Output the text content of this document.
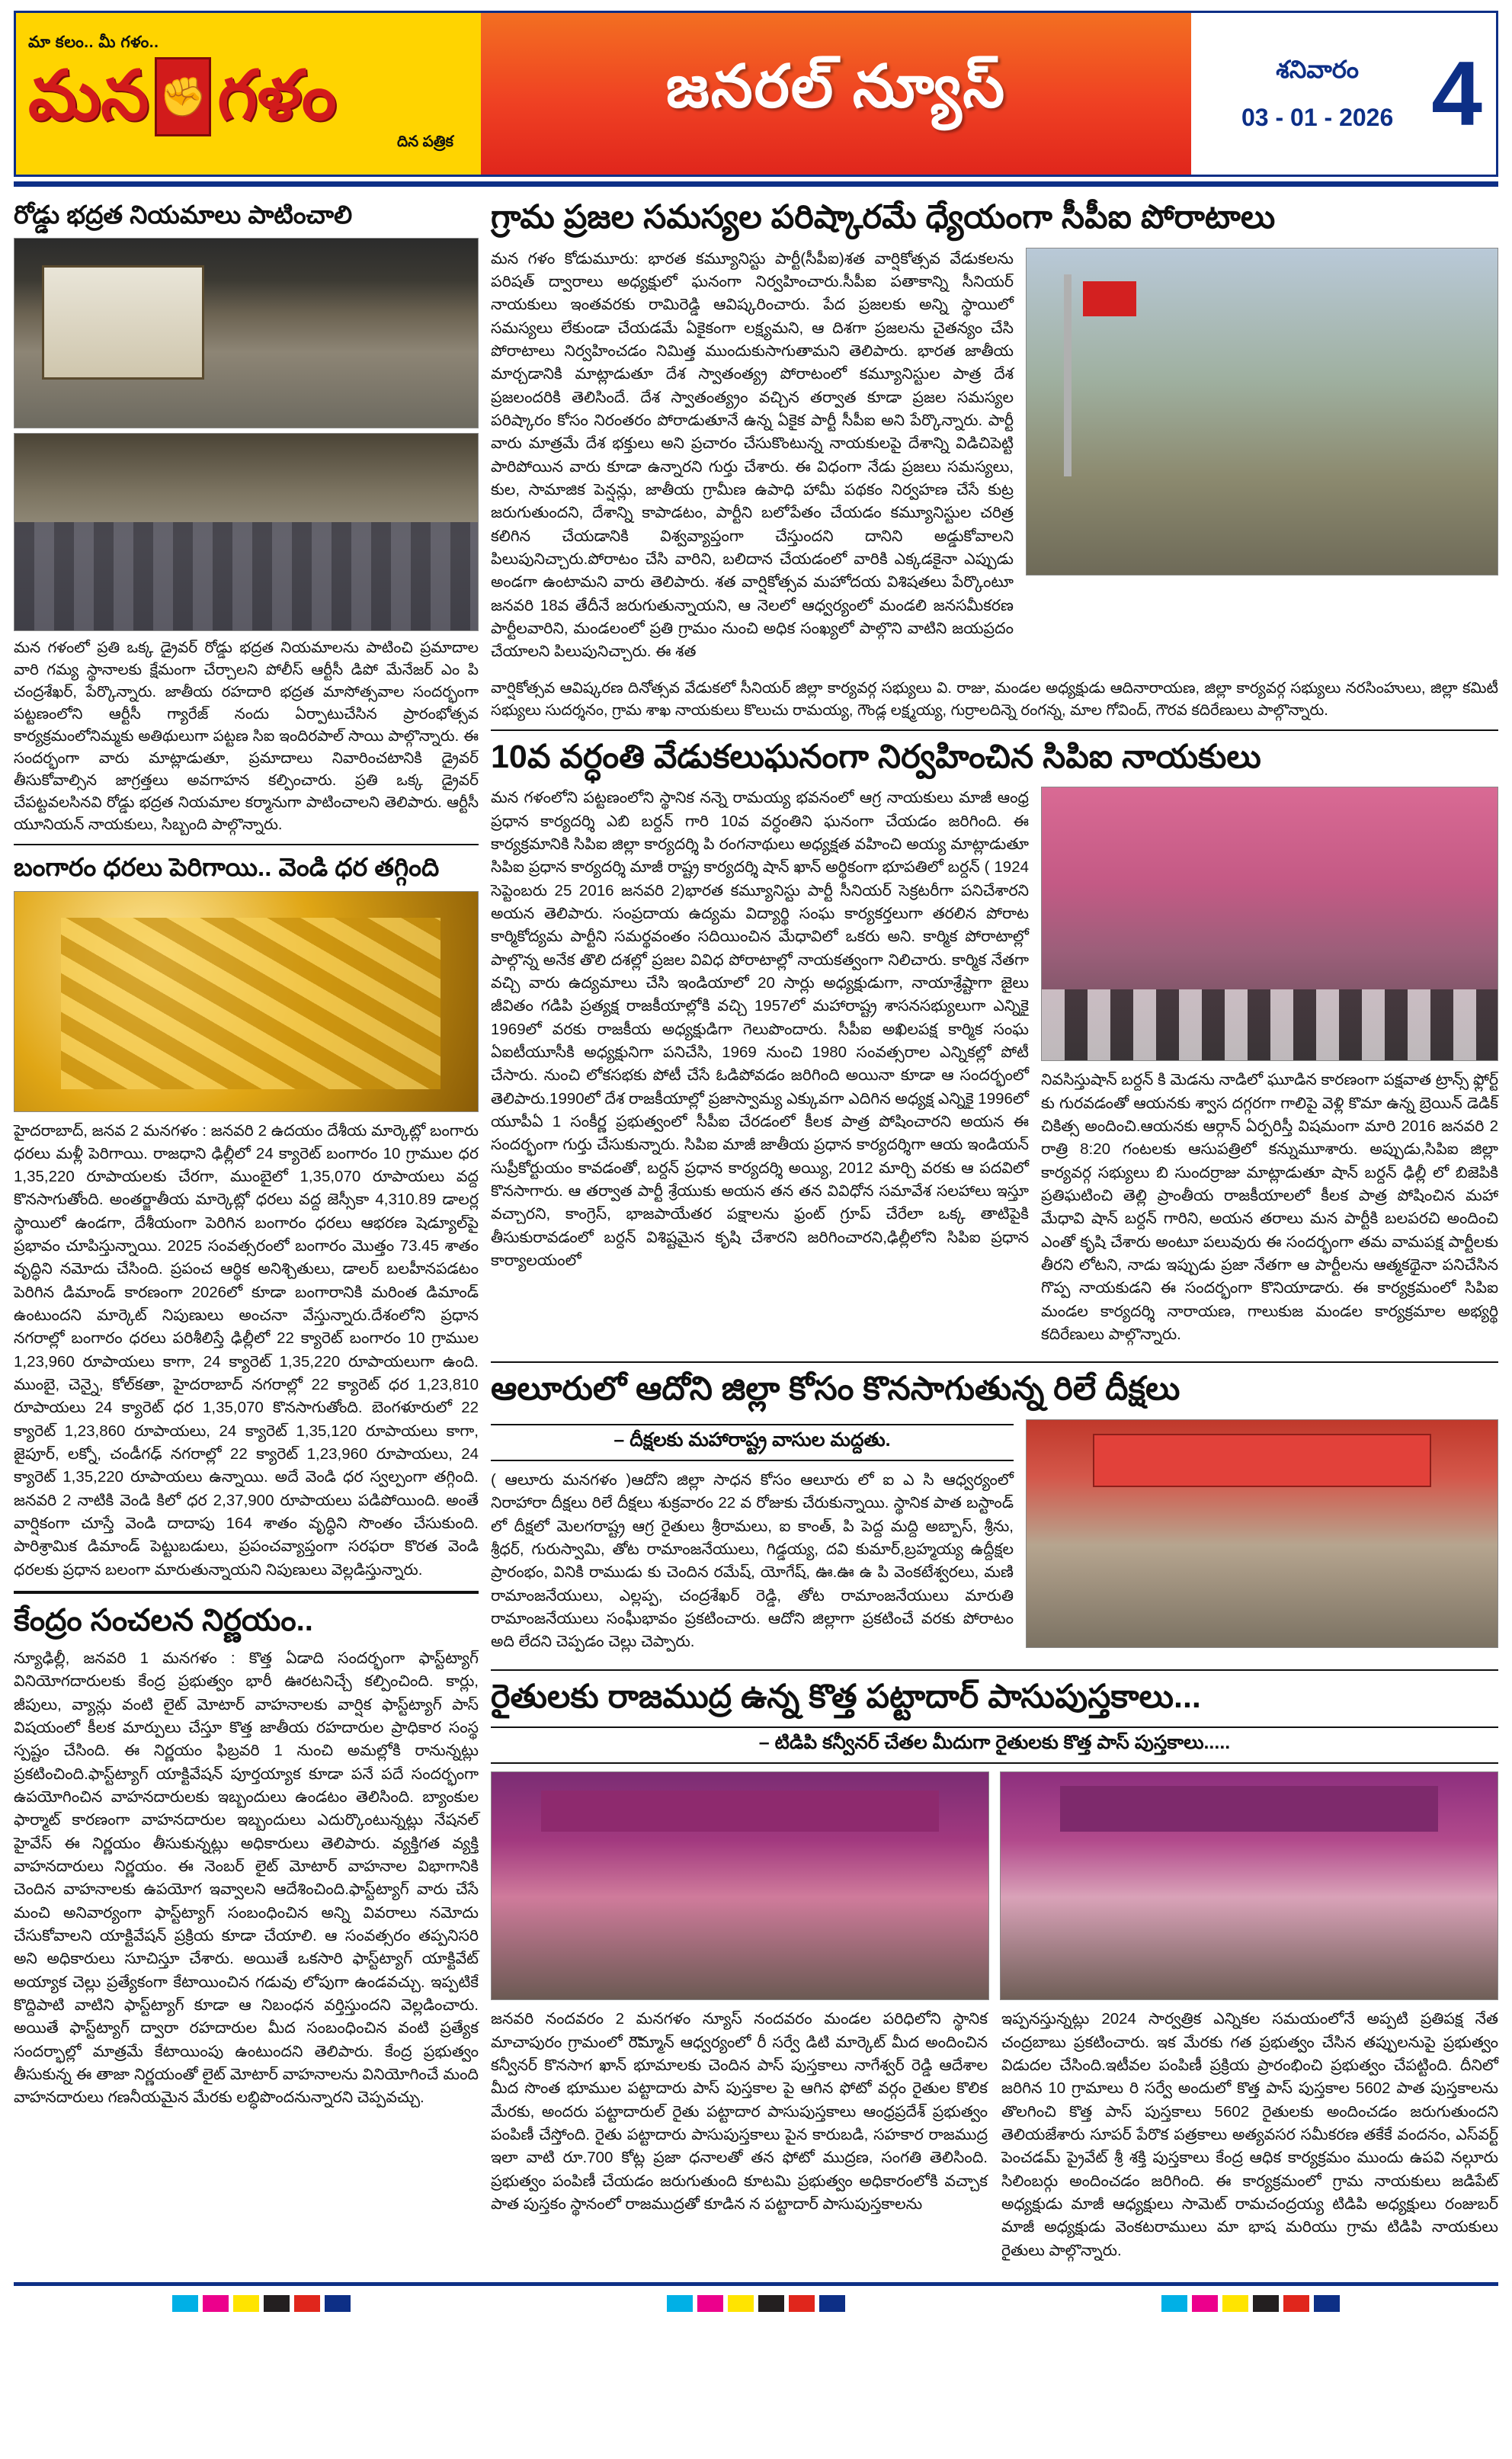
మా కలం.. మీ గళం..
మన ✊ గళం
దిన పత్రిక
జనరల్ న్యూస్	శనివారం
03 - 01 - 2026 4
రోడ్డు భద్రత నియమాలు పాటించాలి

మన గళంలో ప్రతి ఒక్క డ్రైవర్ రోడ్డు భద్రత నియమాలను పాటించి ప్రమాదాల వారి గమ్య స్థానాలకు క్షేమంగా చేర్చాలని పోలీస్ ఆర్టీసీ డిపో మేనేజర్ ఎం పి చంద్రశేఖర్, పేర్కొన్నారు. జాతీయ రహదారి భద్రత మాసోత్సవాల సందర్భంగా పట్టణంలోని ఆర్టీసీ గ్యారేజ్ నందు ఏర్పాటుచేసిన ప్రారంభోత్సవ కార్యక్రమంలోనిమ్మకు అతిథులుగా పట్టణ సిఐ ఇందిరపాల్ సాయి పాల్గొన్నారు. ఈ సందర్భంగా వారు మాట్లాడుతూ, ప్రమాదాలు నివారించటానికి డ్రైవర్ తీసుకోవాల్సిన జాగ్రత్తలు అవగాహన కల్పించారు. ప్రతి ఒక్క డ్రైవర్ చేపట్టవలసినవి రోడ్డు భద్రత నియమాల కర్మానుగా పాటించాలని తెలిపారు. ఆర్టీసీ యూనియన్ నాయకులు, సిబ్బంది పాల్గొన్నారు.

బంగారం ధరలు పెరిగాయి.. వెండి ధర తగ్గింది

హైదరాబాద్, జనవ 2 మనగళం : జనవరి 2 ఉదయం దేశీయ మార్కెట్లో బంగారు ధరలు మళ్లీ పెరిగాయి. రాజధాని ఢిల్లీలో 24 క్యారెట్ బంగారం 10 గ్రాముల ధర 1,35,220 రూపాయలకు చేరగా, ముంబైలో 1,35,070 రూపాయలు వద్ద కొనసాగుతోంది. అంతర్జాతీయ మార్కెట్లో ధరలు వద్ద జెస్సీకా 4,310.89 డాలర్ల స్థాయిలో ఉండగా, దేశీయంగా పెరిగిన బంగారం ధరలు ఆభరణ షెడ్యూల్‌పై ప్రభావం చూపిస్తున్నాయి. 2025 సంవత్సరంలో బంగారం మొత్తం 73.45 శాతం వృద్ధిని నమోదు చేసింది. ప్రపంచ ఆర్థిక అనిశ్చితులు, డాలర్ బలహీనపడటం పెరిగిన డిమాండ్ కారణంగా 2026లో కూడా బంగారానికి మరింత డిమాండ్ ఉంటుందని మార్కెట్ నిపుణులు అంచనా వేస్తున్నారు.దేశంలోని ప్రధాన నగరాల్లో బంగారం ధరలు పరిశీలిస్తే ఢిల్లీలో 22 క్యారెట్ బంగారం 10 గ్రాముల 1,23,960 రూపాయలు కాగా, 24 క్యారెట్ 1,35,220 రూపాయలుగా ఉంది. ముంబై, చెన్నై, కోల్‌కతా, హైదరాబాద్ నగరాల్లో 22 క్యారెట్ ధర 1,23,810 రూపాయలు 24 క్యారెట్ ధర 1,35,070 కొనసాగుతోంది. బెంగళూరులో 22 క్యారెట్ 1,23,860 రూపాయలు, 24 క్యారెట్ 1,35,120 రూపాయలు కాగా, జైపూర్, లక్నో, చండీగఢ్ నగరాల్లో 22 క్యారెట్ 1,23,960 రూపాయలు, 24 క్యారెట్ 1,35,220 రూపాయలు ఉన్నాయి. అదే వెండి ధర స్వల్పంగా తగ్గింది. జనవరి 2 నాటికి వెండి కిలో ధర 2,37,900 రూపాయలు పడిపోయింది. అంతే వార్షికంగా చూస్తే వెండి దాదాపు 164 శాతం వృద్ధిని సొంతం చేసుకుంది. పారిశ్రామిక డిమాండ్ పెట్టుబడులు, ప్రపంచవ్యాప్తంగా సరఫరా కొరత వెండి ధరలకు ప్రధాన బలంగా మారుతున్నాయని నిపుణులు వెల్లడిస్తున్నారు.

కేంద్రం సంచలన నిర్ణయం..

న్యూఢిల్లీ, జనవరి 1 మనగళం : కొత్త ఏడాది సందర్భంగా ఫాస్ట్‌ట్యాగ్ వినియోగదారులకు కేంద్ర ప్రభుత్వం భారీ ఊరటనిచ్చే కల్పించింది. కార్లు, జీపులు, వ్యాన్లు వంటి లైట్ మోటార్ వాహనాలకు వార్షిక ఫాస్ట్‌ట్యాగ్ పాస్ విషయంలో కీలక మార్పులు చేస్తూ కొత్త జాతీయ రహదారుల ప్రాధికార సంస్థ స్పష్టం చేసింది. ఈ నిర్ణయం ఫిబ్రవరి 1 నుంచి అమల్లోకి రానున్నట్లు ప్రకటించింది.ఫాస్ట్‌ట్యాగ్ యాక్టివేషన్ పూర్తయ్యాక కూడా పనే పదే సందర్భంగా ఉపయోగించిన వాహనదారులకు ఇబ్బందులు ఉండటం తెలిసింది. బ్యాంకుల ఫార్మాట్ కారణంగా వాహనదారుల ఇబ్బందులు ఎదుర్కొంటున్నట్లు నేషనల్ హైవేస్ ఈ నిర్ణయం తీసుకున్నట్లు అధికారులు తెలిపారు. వ్యక్తిగత వ్యక్తి వాహనదారులు నిర్ణయం. ఈ నెంబర్ లైట్ మోటార్ వాహనాల విభాగానికి చెందిన వాహనాలకు ఉపయోగ ఇవ్వాలని ఆదేశించింది.ఫాస్ట్‌ట్యాగ్ వారు చేసే మంచి అనివార్యంగా ఫాస్ట్‌ట్యాగ్ సంబంధించిన అన్ని వివరాలు నమోదు చేసుకోవాలని యాక్టివేషన్ ప్రక్రియ కూడా చేయాలి. ఆ సంవత్సరం తప్పనిసరి అని అధికారులు సూచిస్తూ చేశారు. అయితే ఒకసారి ఫాస్ట్‌ట్యాగ్ యాక్టివేట్ అయ్యాక చెల్లు ప్రత్యేకంగా కేటాయించిన గడువు లోపుగా ఉండవచ్చు. ఇప్పటికే కొద్దిపాటి వాటిని ఫాస్ట్‌ట్యాగ్ కూడా ఆ నిబంధన వర్తిస్తుందని వెల్లడించారు. అయితే ఫాస్ట్‌ట్యాగ్ ద్వారా రహదారుల మీద సంబంధించిన వంటి ప్రత్యేక సందర్భాల్లో మాత్రమే కేటాయింపు ఉంటుందని తెలిపారు. కేంద్ర ప్రభుత్వం తీసుకున్న ఈ తాజా నిర్ణయంతో లైట్ మోటార్ వాహనాలను వినియోగించే మంది వాహనదారులు గణనీయమైన మేరకు లబ్ధిపొందనున్నారని చెప్పవచ్చు.

గ్రామ ప్రజల సమస్యల పరిష్కారమే ధ్యేయంగా సీపీఐ పోరాటాలు

మన గళం కోడుమూరు: భారత కమ్యూనిస్టు పార్టీ(సీపీఐ)శత వార్షికోత్సవ వేడుకలను పరిషత్ ద్వారాలు అధ్యక్షులో ఘనంగా నిర్వహించారు.సీపీఐ పతాకాన్ని సీనియర్ నాయకులు ఇంతవరకు రామిరెడ్డి ఆవిష్కరించారు. పేద ప్రజలకు అన్ని స్థాయిలో సమస్యలు లేకుండా చేయడమే ఏకైకంగా లక్ష్యమని, ఆ దిశగా ప్రజలను చైతన్యం చేసి పోరాటాలు నిర్వహించడం నిమిత్త ముందుకుసాగుతామని తెలిపారు. భారత జాతీయ మార్చడానికి మాట్లాడుతూ దేశ స్వాతంత్య్ర పోరాటంలో కమ్యూనిస్టుల పాత్ర దేశ ప్రజలందరికి తెలిసిందే. దేశ స్వాతంత్య్రం వచ్చిన తర్వాత కూడా ప్రజల సమస్యల పరిష్కారం కోసం నిరంతరం పోరాడుతూనే ఉన్న ఏకైక పార్టీ సీపీఐ అని పేర్కొన్నారు. పార్టీ వారు మాత్రమే దేశ భక్తులు అని ప్రచారం చేసుకొంటున్న నాయకులపై దేశాన్ని విడిచిపెట్టి పారిపోయిన వారు కూడా ఉన్నారని గుర్తు చేశారు. ఈ విధంగా నేడు ప్రజలు సమస్యలు, కుల, సామాజిక పెన్షన్లు, జాతీయ గ్రామీణ ఉపాధి హామీ పథకం నిర్వహణ చేసే కుట్ర జరుగుతుందని, దేశాన్ని కాపాడటం, పార్టీని బలోపేతం చేయడం కమ్యూనిస్టుల చరిత్ర కలిగిన చేయడానికి విశ్వవ్యాప్తంగా చేస్తుందని దానిని అడ్డుకోవాలని పిలుపునిచ్చారు.పోరాటం చేసి వారిని, బలిదాన చేయడంలో వారికి ఎక్కడకైనా ఎప్పుడు అండగా ఉంటామని వారు తెలిపారు. శత వార్షికోత్సవ మహోదయ విశిషతలు పేర్కొంటూ జనవరి 18వ తేదీనే జరుగుతున్నాయని, ఆ నెలలో ఆధ్వర్యంలో మండలి జనసమీకరణ పార్టీలవారిని, మండలంలో ప్రతి గ్రామం నుంచి అధిక సంఖ్యలో పాల్గొని వాటిని జయప్రదం చేయాలని పిలుపునిచ్చారు. ఈ శత

వార్షికోత్సవ ఆవిష్కరణ దినోత్సవ వేడుకలో సీనియర్ జిల్లా కార్యవర్గ సభ్యులు వి. రాజు, మండల అధ్యక్షుడు ఆదినారాయణ, జిల్లా కార్యవర్గ సభ్యులు నరసింహులు, జిల్లా కమిటీ సభ్యులు సుదర్శనం, గ్రామ శాఖ నాయకులు కొలుచు రామయ్య, గౌండ్ల లక్ష్మయ్య, గుర్రాలదిన్నె రంగన్న, మాల గోవింద్, గౌరవ కదిరేణులు పాల్గొన్నారు.

10వ వర్ధంతి వేడుకలుఘనంగా నిర్వహించిన సిపిఐ నాయకులు

మన గళంలోని పట్టణంలోని స్థానిక నన్నె రామయ్య భవనంలో ఆగ్ర నాయకులు మాజీ ఆంధ్ర ప్రధాన కార్యదర్శి ఎబి బర్దన్ గారి 10వ వర్ధంతిని ఘనంగా చేయడం జరిగింది. ఈ కార్యక్రమానికి సిపిఐ జిల్లా కార్యదర్శి పి రంగనాథులు అధ్యక్షత వహించి అయ్య మాట్లాడుతూ సిపిఐ ప్రధాన కార్యదర్శి మాజీ రాష్ట్ర కార్యదర్శి షాన్ ఖాన్ అర్థికంగా భూపతిలో బర్దన్ ( 1924 సెప్టెంబరు 25 2016 జనవరి 2)భారత కమ్యూనిస్టు పార్టీ సీనియర్ సెక్రటరీగా పనిచేశారని అయన తెలిపారు. సంప్రదాయ ఉద్యమ విద్యార్థి సంఘ కార్యకర్తలుగా తరలిన పోరాట కార్మికోద్యమ పార్టీని సమర్థవంతం సదియించిన మేధావిలో ఒకరు అని. కార్మిక పోరాటాల్లో పాల్గొన్న అనేక తొలి దశల్లో ప్రజల వివిధ పోరాటాల్లో నాయకత్వంగా నిలిచారు. కార్మిక నేతగా వచ్చి వారు ఉద్యమాలు చేసి ఇండియాలో 20 సార్లు అధ్యక్షుడుగా, నాయాశ్రేష్టాగా జైలు జీవితం గడిపి ప్రత్యక్ష రాజకీయాల్లోకి వచ్చి 1957లో మహారాష్ట్ర శాసనసభ్యులుగా ఎన్నికై 1969లో వరకు రాజకీయ అధ్యక్షుడిగా గెలుపొందారు. సీపీఐ అఖిలపక్ష కార్మిక సంఘ ఏఐటీయూసీకి అధ్యక్షునిగా పనిచేసి, 1969 నుంచి 1980 సంవత్సరాల ఎన్నికల్లో పోటీ చేసారు. నుంచి లోకసభకు పోటీ చేసే ఓడిపోవడం జరిగింది అయినా కూడా ఆ సందర్భంలో తెలిపారు.1990లో దేశ రాజకీయాల్లో ప్రజాస్వామ్య ఎక్కువగా ఎదిగిన అధ్యక్ష ఎన్నికై 1996లో యూపీఏ 1 సంకీర్ణ ప్రభుత్వంలో సీపీఐ చేరడంలో కీలక పాత్ర పోషించారని అయన ఈ సందర్భంగా గుర్తు చేసుకున్నారు. సిపిఐ మాజీ జాతీయ ప్రధాన కార్యదర్శిగా ఆయ ఇండియన్ సుప్రీకోర్టుయం కావడంతో, బర్దన్ ప్రధాన కార్యదర్శి అయ్యి, 2012 మార్చి వరకు ఆ పదవిలో కొనసాగారు. ఆ తర్వాత పార్టీ శ్రేయుకు అయన తన తన వివిధోన సమావేశ సలహాలు ఇస్తూ వచ్చారని, కాంగ్రెస్, భాజపాయేతర పక్షాలను ఫ్రంట్ గ్రూప్ చేరేలా ఒక్క తాటిపైకి తీసుకురావడంలో బర్దన్ విశిష్టమైన కృషి చేశారని జరిగించారని,ఢిల్లీలోని సిపిఐ ప్రధాన కార్యాలయంలో

నివసిస్తుషాన్ బర్దన్ కి మెడను నాడిలో ఘూడిన కారణంగా పక్షవాత ట్రాన్స్ ఫ్లోర్ట్ కు గురవడంతో ఆయనకు శ్వాస దగ్గరగా గాలిపై వెళ్లి కొమా ఉన్న బ్రెయిన్ డెడిక్ చికిత్స అందించి.ఆయనకు ఆర్గాన్ ఏర్పరిస్తీ విషమంగా మారి 2016 జనవరి 2 రాత్రి 8:20 గంటలకు ఆసుపత్రిలో కన్నుమూశారు. అప్పుడు,సిపిఐ జిల్లా కార్యవర్గ సభ్యులు బి సుందర్రాజు మాట్లాడుతూ షాన్ బర్దన్ ఢిల్లీ లో బిజెపికి ప్రతిఘటించి తెల్లి ప్రాంతీయ రాజకీయాలలో కీలక పాత్ర పోషించిన మహా మేధావి షాన్ బర్దన్ గారిని, అయన తరాలు మన పార్టీకి బలపరచి అందించి ఎంతో కృషి చేశారు అంటూ పలువురు ఈ సందర్భంగా తమ వామపక్ష పార్టీలకు తీరని లోటని, నాడు ఇప్పుడు ప్రజా నేతగా ఆ పార్టీలను ఆత్మకథైనా పనిచేసిన గొప్ప నాయకుడని ఈ సందర్భంగా కొనియాడారు. ఈ కార్యక్రమంలో సిపిఐ మండల కార్యదర్శి నారాయణ, గాలుకుజ మండల కార్యక్రమాల అభ్యర్థి కదిరేణులు పాల్గొన్నారు.

ఆలూరులో ఆదోని జిల్లా కోసం కొనసాగుతున్న రిలే దీక్షలు
– దీక్షలకు మహారాష్ట్ర వాసుల మద్దతు.

( ఆలూరు మనగళం )ఆదోని జిల్లా సాధన కోసం ఆలూరు లో ఐ ఎ సి ఆధ్వర్యంలో నిరాహారా దీక్షలు రిలే దీక్షలు శుక్రవారం 22 వ రోజుకు చేరుకున్నాయి. స్థానిక పాత బస్టాండ్ లో దీక్షలో మెలగరాష్ట్ర ఆగ్ర రైతులు శ్రీరామలు, ఐ కాంత్, పి పెద్ద మద్ది అబ్బాస్, శ్రీను, శ్రీధర్, గురుస్వామి, తోట రామాంజనేయులు, గిడ్డయ్య, దవి కుమార్,బ్రహ్మయ్య ఉద్దీక్షల ప్రారంభం, వినికి రాముడు కు చెందిన రమేష్, యోగేష్, ఊ.ఊ ఉ పి వెంకటేశ్వరలు, మణి రామాంజనేయులు, ఎల్లప్ప, చంద్రశేఖర్ రెడ్డి, తోట రామాంజనేయులు మారుతి రామాంజనేయులు సంఘీభావం ప్రకటించారు. ఆదోని జిల్లాగా ప్రకటించే వరకు పోరాటం అది లేదని చెప్పడం చెల్లు చెప్పారు.

రైతులకు రాజముద్ర ఉన్న కొత్త పట్టాదార్ పాసుపుస్తకాలు...
– టిడిపి కన్వీనర్ చేతల మీదుగా రైతులకు కొత్త పాస్ పుస్తకాలు.....

జనవరి నందవరం 2 మనగళం న్యూస్ నందవరం మండల పరిధిలోని స్థానిక మాచాపురం గ్రామంలో రెొమ్మాన్ ఆధ్వర్యంలో రీ సర్వే డిటి మార్కెట్ మీద అందించిన కన్వీనర్ కొనసాగ ఖాన్ భూమాలకు చెందిన పాస్ పుస్తకాలు నాగేశ్వర్ రెడ్డి ఆదేశాల మీద సొంత భూముల పట్టాదారు పాస్ పుస్తకాల పై ఆగిన ఫోటో వర్గం రైతుల కొలిక మేరకు, అందరు పట్టాదారుల్ రైతు పట్టాదార పాసుపుస్తకాలు ఆంధ్రప్రదేశ్ ప్రభుత్వం పంపిణీ చేస్తోంది. రైతు పట్టాదారు పాసుపుస్తకాలు పైన కారుబడి, సహకార రాజముద్ర ఇలా వాటి రూ.700 కోట్ల ప్రజా ధనాలతో తన ఫోటో ముద్రణ, సంగతి తెలిసింది. ప్రభుత్వం పంపిణీ చేయడం జరుగుతుంది కూటమి ప్రభుత్వం అధికారంలోకి వచ్చాక పాత పుస్తకం స్థానంలో రాజముద్రతో కూడిన న పట్టాదార్ పాసుపుస్తకాలను

ఇప్పనస్తున్నట్లు 2024 సార్వత్రిక ఎన్నికల సమయంలోనే అప్పటి ప్రతిపక్ష నేత చంద్రబాబు ప్రకటించారు. ఇక మేరకు గత ప్రభుత్వం చేసిన తప్పులనుపై ప్రభుత్వం విడుదల చేసింది.ఇటీవల పంపిణీ ప్రక్రియ ప్రారంభించి ప్రభుత్వం చేపట్టింది. దీనిలో జరిగిన 10 గ్రామాలు రి సర్వే అందులో కొత్త పాస్ పుస్తకాల 5602 పాత పుస్తకాలను తొలగించి కొత్త పాస్ పుస్తకాలు 5602 రైతులకు అందించడం జరుగుతుందని తెలియజేశారు సూపర్ పేరొక పత్రకాలు అత్యవసర సమీకరణ తకేకే వందనం, ఎస్‌వర్ట్ పెంచడమ్ ప్రైవేట్ శ్రీ శక్తి పుస్తకాలు కేంద్ర ఆధిక కార్యక్రమం ముందు ఉపవి నల్గూరు సిలింబర్గు అందించడం జరిగింది. ఈ కార్యక్రమంలో గ్రామ నాయకులు జడిపేట్ అధ్యక్షుడు మాజీ ఆధ్యక్షులు సామెట్ రామచంద్రయ్య టిడిపి అధ్యక్షులు రంజుబర్ మాజీ అధ్యక్షుడు వెంకటరాములు మా భాష మరియు గ్రామ టిడిపి నాయకులు రైతులు పాల్గొన్నారు.
